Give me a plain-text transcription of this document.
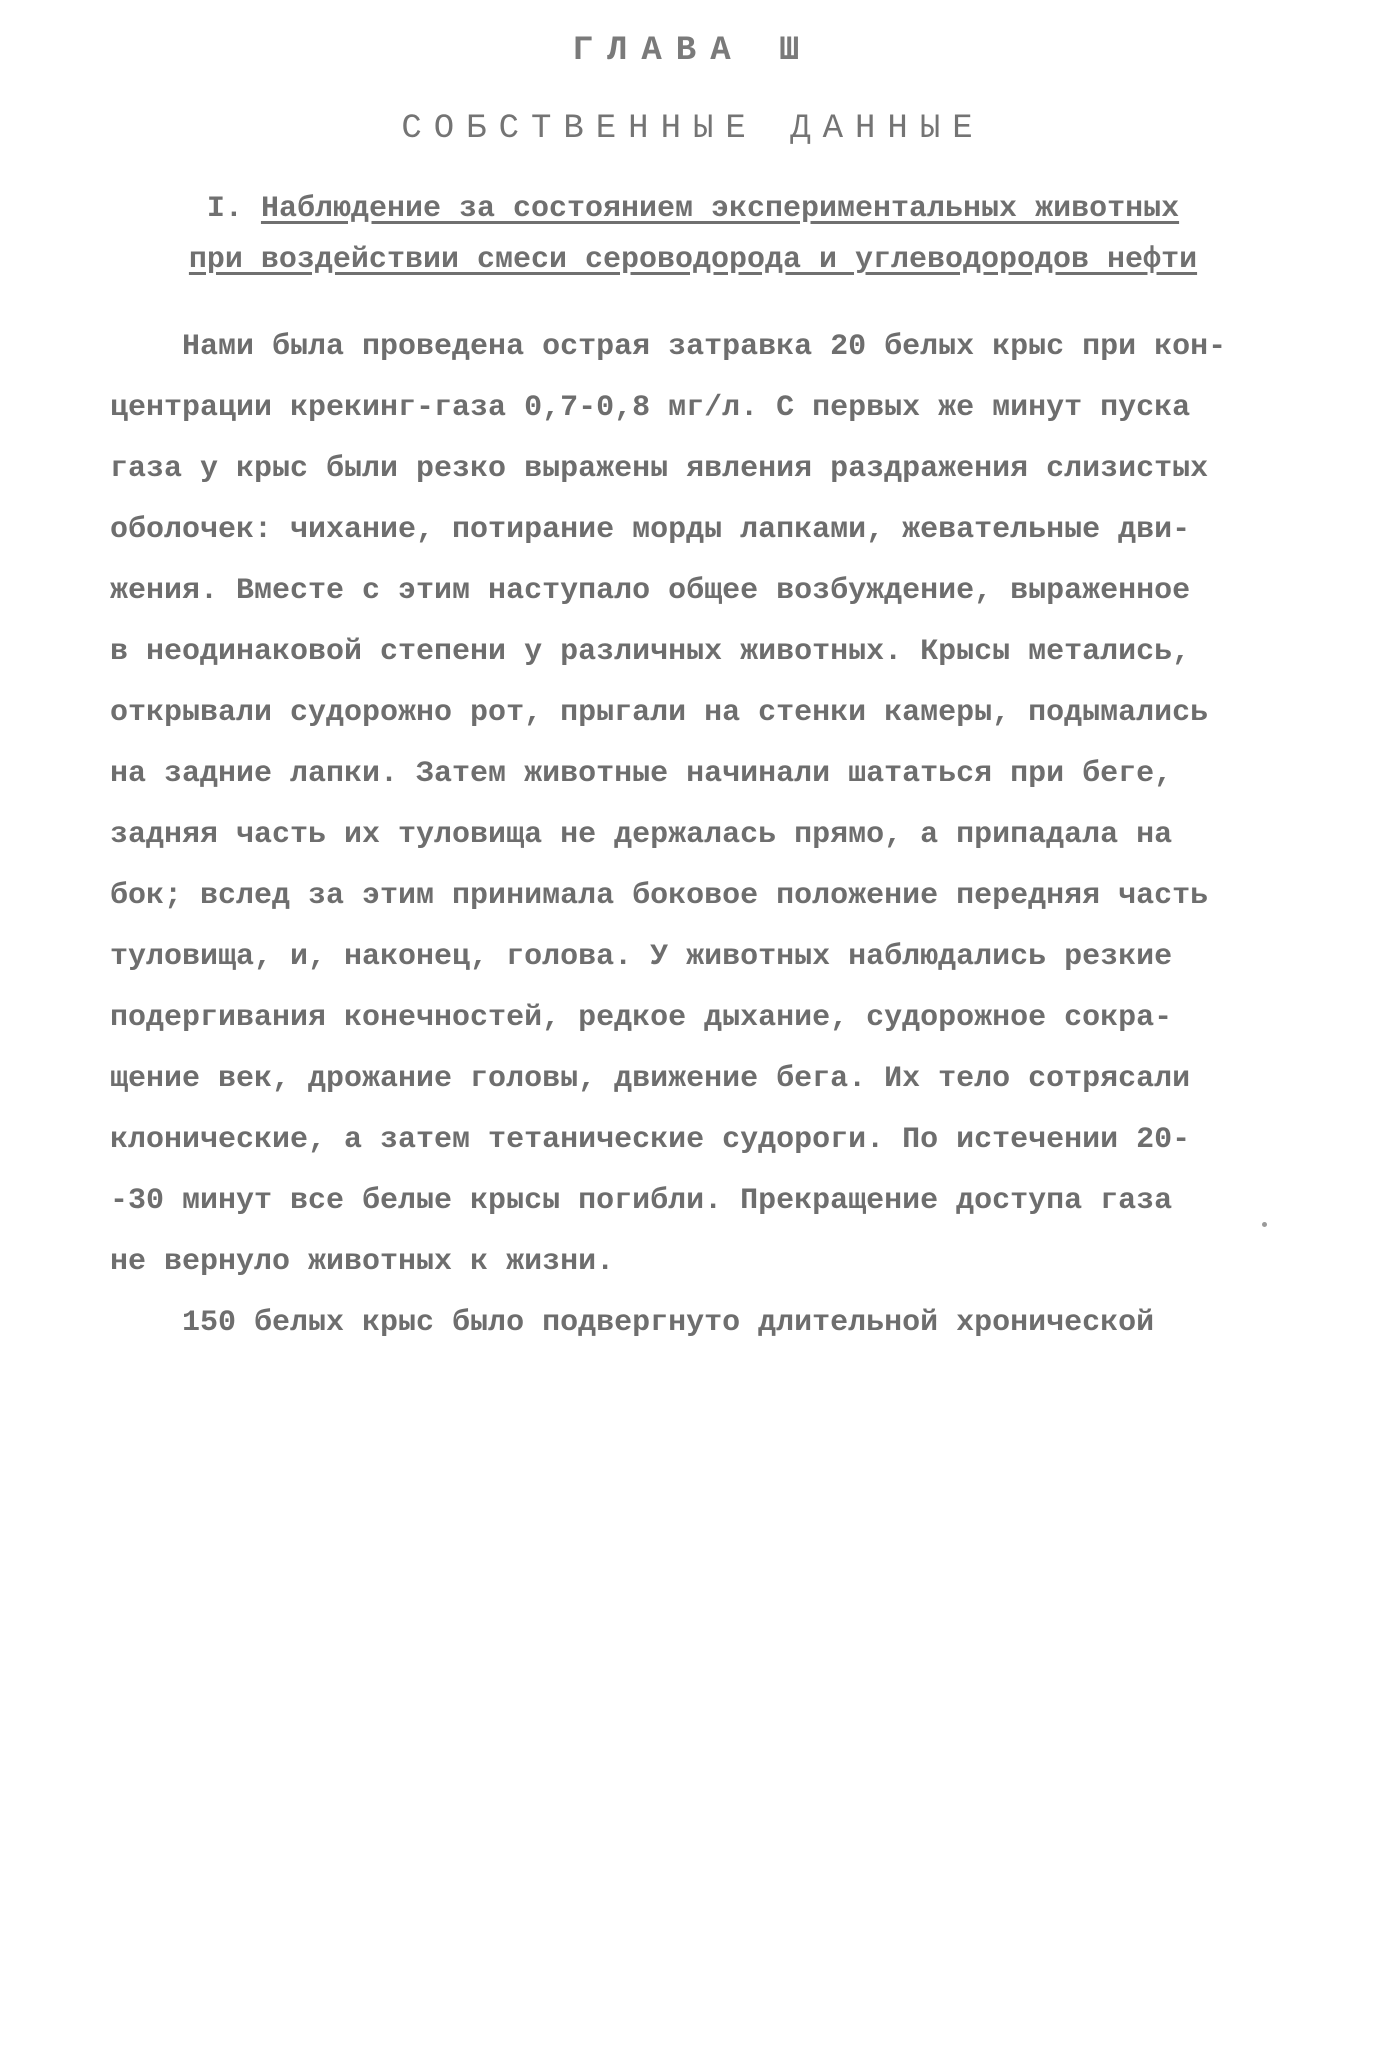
ГЛАВА Ш
СОБСТВЕННЫЕ ДАННЫЕ
I. Наблюдение за состоянием экспериментальных животных
при воздействии смеси сероводорода и углеводородов нефти
Нами была проведена острая затравка 20 белых крыс при кон-
центрации крекинг-газа 0,7-0,8 мг/л. С первых же минут пуска
газа у крыс были резко выражены явления раздражения слизистых
оболочек: чихание, потирание морды лапками, жевательные дви-
жения. Вместе с этим наступало общее возбуждение, выраженное
в неодинаковой степени у различных животных. Крысы метались,
открывали судорожно рот, прыгали на стенки камеры, подымались
на задние лапки. Затем животные начинали шататься при беге,
задняя часть их туловища не держалась прямо, а припадала на
бок; вслед за этим принимала боковое положение передняя часть
туловища, и, наконец, голова. У животных наблюдались резкие
подергивания конечностей, редкое дыхание, судорожное сокра-
щение век, дрожание головы, движение бега. Их тело сотрясали
клонические, а затем тетанические судороги. По истечении 20-
-30 минут все белые крысы погибли. Прекращение доступа газа
не вернуло животных к жизни.
150 белых крыс было подвергнуто длительной хронической
